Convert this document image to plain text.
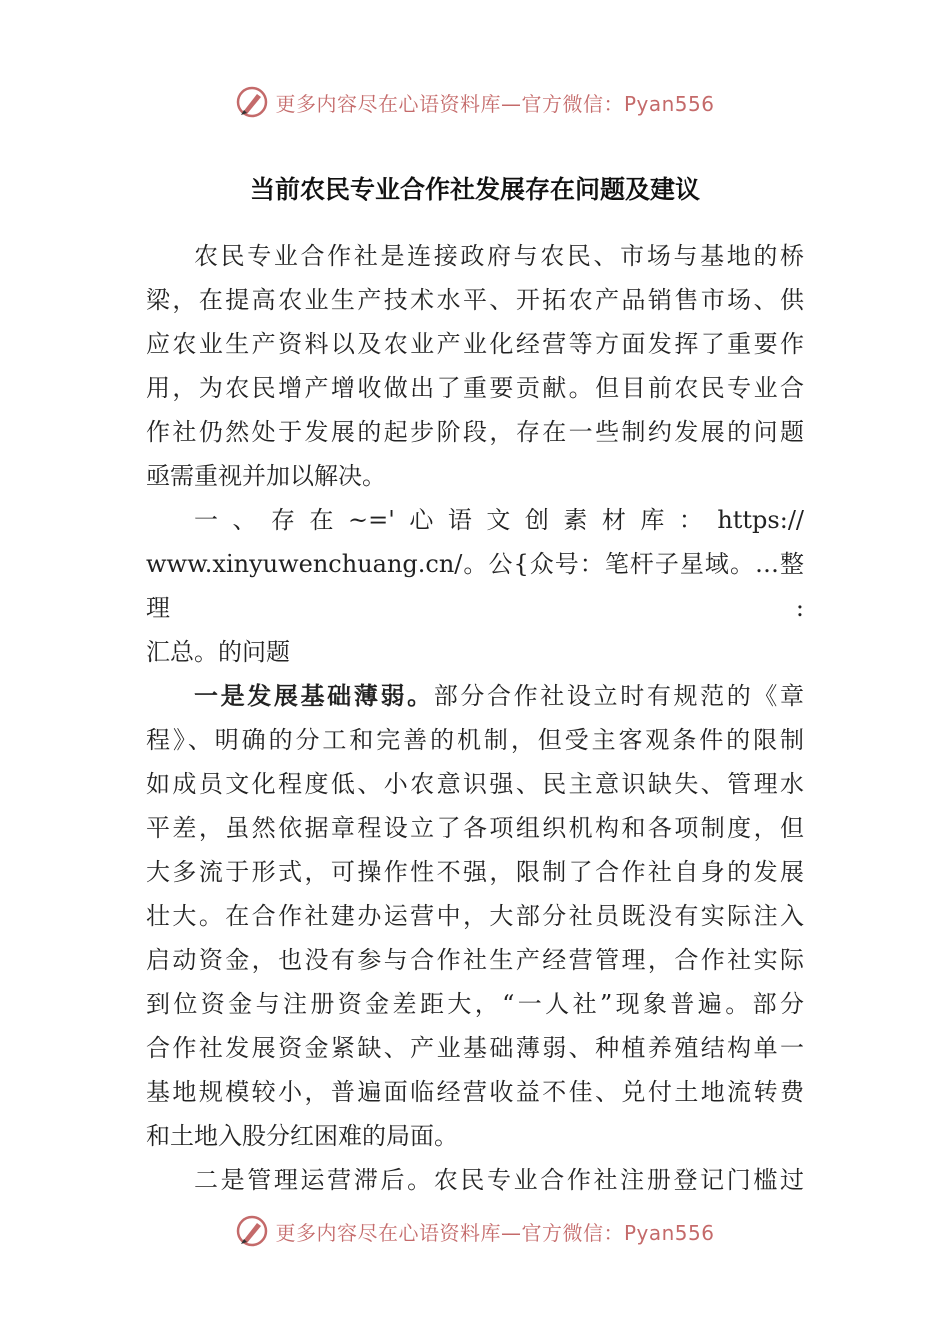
更多内容尽在心语资料库—官方微信：Pyan556
当前农民专业合作社发展存在问题及建议

农民专业合作社是连接政府与农民、市场与基地的桥
梁，在提高农业生产技术水平、开拓农产品销售市场、供
应农业生产资料以及农业产业化经营等方面发挥了重要作
用，为农民增产增收做出了重要贡献。但目前农民专业合
作社仍然处于发展的起步阶段，存在一些制约发展的问题
亟需重视并加以解决。

一、存在~='心语文创素材库：https://
www.xinyuwenchuang.cn/。公{众号：笔杆子星域。…整理:
汇总。的问题

一是发展基础薄弱。部分合作社设立时有规范的《章
程》、明确的分工和完善的机制，但受主客观条件的限制
如成员文化程度低、小农意识强、民主意识缺失、管理水
平差，虽然依据章程设立了各项组织机构和各项制度，但
大多流于形式，可操作性不强，限制了合作社自身的发展
壮大。在合作社建办运营中，大部分社员既没有实际注入
启动资金，也没有参与合作社生产经营管理，合作社实际
到位资金与注册资金差距大，“一人社”现象普遍。部分
合作社发展资金紧缺、产业基础薄弱、种植养殖结构单一
基地规模较小，普遍面临经营收益不佳、兑付土地流转费
和土地入股分红困难的局面。

二是管理运营滞后。农民专业合作社注册登记门槛过

更多内容尽在心语资料库—官方微信：Pyan556
